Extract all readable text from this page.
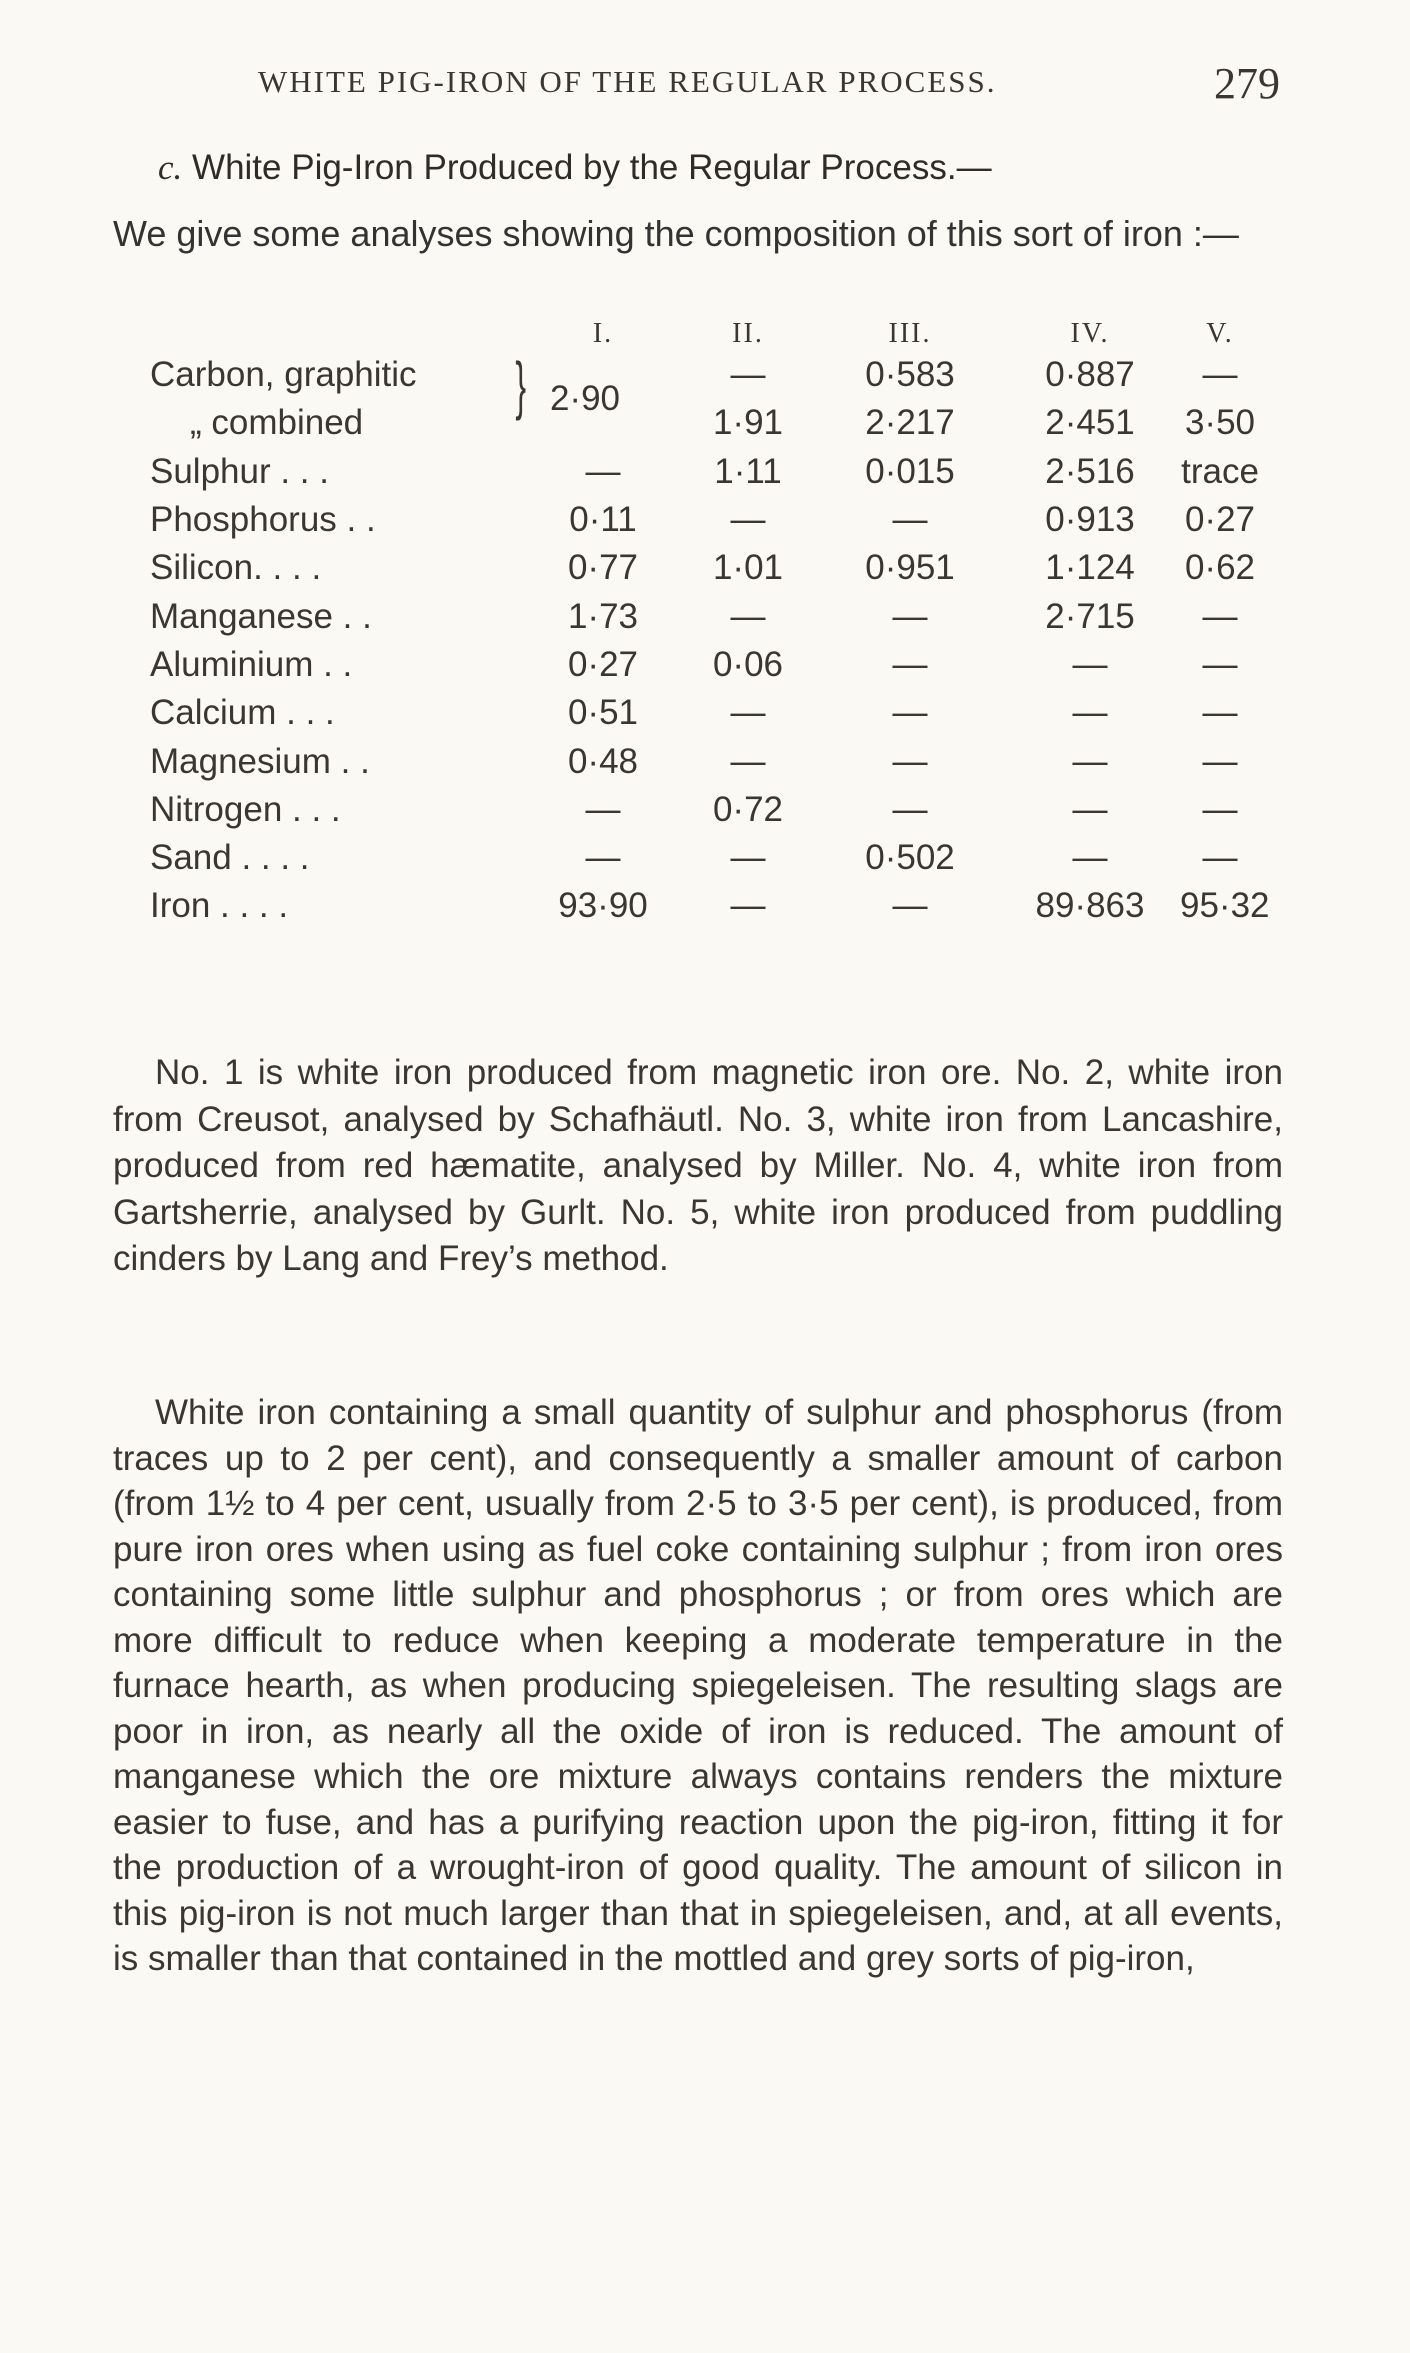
WHITE PIG-IRON OF THE REGULAR PROCESS.	279
c. White Pig-Iron Produced by the Regular Process.—
We give some analyses showing the composition of this sort of iron :—
	I.	II.	III.	IV.	V.
Carbon, graphitic	}	—	0·583	0·887	—
„ combined	2·90	1·91	2·217	2·451	3·50
Sulphur . . .	—	1·11	0·015	2·516	trace
Phosphorus . .	0·11	—	—	0·913	0·27
Silicon. . . .	0·77	1·01	0·951	1·124	0·62
Manganese . .	1·73	—	—	2·715	—
Aluminium . .	0·27	0·06	—	—	—
Calcium . . .	0·51	—	—	—	—
Magnesium . .	0·48	—	—	—	—
Nitrogen . . .	—	0·72	—	—	—
Sand . . . .	—	—	0·502	—	—
Iron . . . .	93·90	—	—	89·863	95·32

No. 1 is white iron produced from magnetic iron ore. No. 2, white iron from Creusot, analysed by Schafhäutl. No. 3, white iron from Lancashire, produced from red hæmatite, analysed by Miller. No. 4, white iron from Gartsherrie, analysed by Gurlt. No. 5, white iron produced from puddling cinders by Lang and Frey’s method.

White iron containing a small quantity of sulphur and phosphorus (from traces up to 2 per cent), and consequently a smaller amount of carbon (from 1½ to 4 per cent, usually from 2·5 to 3·5 per cent), is produced, from pure iron ores when using as fuel coke containing sulphur ; from iron ores containing some little sulphur and phosphorus ; or from ores which are more difficult to reduce when keeping a moderate temperature in the furnace hearth, as when producing spiegeleisen. The resulting slags are poor in iron, as nearly all the oxide of iron is reduced. The amount of manganese which the ore mixture always contains renders the mixture easier to fuse, and has a purifying reaction upon the pig-iron, fitting it for the production of a wrought-iron of good quality. The amount of silicon in this pig-iron is not much larger than that in spiegeleisen, and, at all events, is smaller than that contained in the mottled and grey sorts of pig-iron,
